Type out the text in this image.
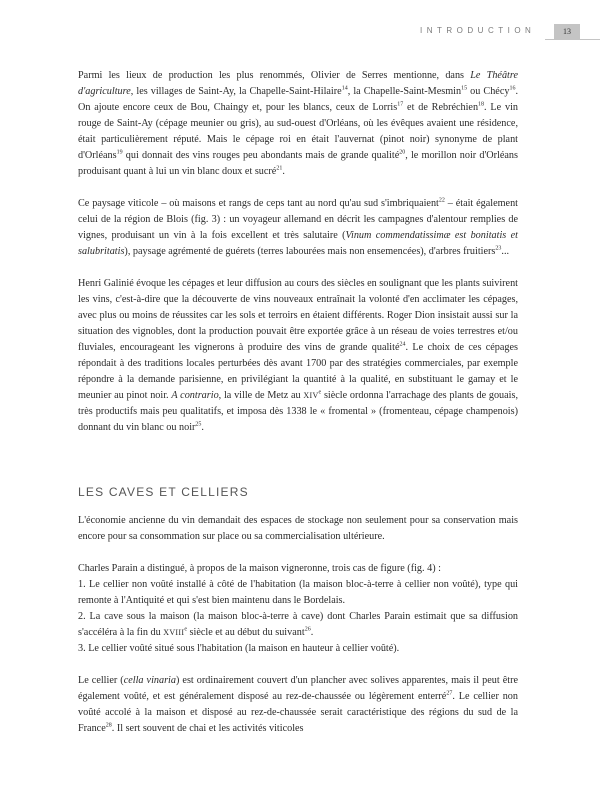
INTRODUCTION	13

Parmi les lieux de production les plus renommés, Olivier de Serres mentionne, dans Le Théâtre d'agriculture, les villages de Saint-Ay, la Chapelle-Saint-Hilaire$^{14}$, la Chapelle-Saint-Mesmin$^{15}$ ou Chécy$^{16}$. On ajoute encore ceux de Bou, Chaingy et, pour les blancs, ceux de Lorris$^{17}$ et de Rebréchien$^{18}$. Le vin rouge de Saint-Ay (cépage meunier ou gris), au sud-ouest d'Orléans, où les évêques avaient une résidence, était particulièrement réputé. Mais le cépage roi en était l'auvernat (pinot noir) synonyme de plant d'Orléans$^{19}$ qui donnait des vins rouges peu abondants mais de grande qualité$^{20}$, le morillon noir d'Orléans produisant quant à lui un vin blanc doux et sucré$^{21}$.

Ce paysage viticole – où maisons et rangs de ceps tant au nord qu'au sud s'imbriquaient$^{22}$ – était également celui de la région de Blois (fig. 3) : un voyageur allemand en décrit les campagnes d'alentour remplies de vignes, produisant un vin à la fois excellent et très salutaire (Vinum commendatissimæ est bonitatis et salubritatis), paysage agrémenté de guérets (terres labourées mais non ensemencées), d'arbres fruitiers$^{23}$...

Henri Galinié évoque les cépages et leur diffusion au cours des siècles en soulignant que les plants suivirent les vins, c'est-à-dire que la découverte de vins nouveaux entraînait la volonté d'en acclimater les cépages, avec plus ou moins de réussites car les sols et terroirs en étaient différents. Roger Dion insistait aussi sur la situation des vignobles, dont la production pouvait être exportée grâce à un réseau de voies terrestres et/ou fluviales, encourageant les vignerons à produire des vins de grande qualité$^{24}$. Le choix de ces cépages répondait à des traditions locales perturbées dès avant 1700 par des stratégies commerciales, par exemple répondre à la demande parisienne, en privilégiant la quantité à la qualité, en substituant le gamay et le meunier au pinot noir. A contrario, la ville de Metz au XIVe siècle ordonna l'arrachage des plants de gouais, très productifs mais peu qualitatifs, et imposa dès 1338 le « fromental » (fromenteau, cépage champenois) donnant du vin blanc ou noir$^{25}$.

LES CAVES ET CELLIERS

L'économie ancienne du vin demandait des espaces de stockage non seulement pour sa conservation mais encore pour sa consommation sur place ou sa commercialisation ultérieure.

Charles Parain a distingué, à propos de la maison vigneronne, trois cas de figure (fig. 4) :

1. Le cellier non voûté installé à côté de l'habitation (la maison bloc-à-terre à cellier non voûté), type qui remonte à l'Antiquité et qui s'est bien maintenu dans le Bordelais.

2. La cave sous la maison (la maison bloc-à-terre à cave) dont Charles Parain estimait que sa diffusion s'accéléra à la fin du XVIIIe siècle et au début du suivant$^{26}$.

3. Le cellier voûté situé sous l'habitation (la maison en hauteur à cellier voûté).

Le cellier (cella vinaria) est ordinairement couvert d'un plancher avec solives apparentes, mais il peut être également voûté, et est généralement disposé au rez-de-chaussée ou légèrement enterré$^{27}$. Le cellier non voûté accolé à la maison et disposé au rez-de-chaussée serait caractéristique des régions du sud de la France$^{28}$. Il sert souvent de chai et les activités viticoles
